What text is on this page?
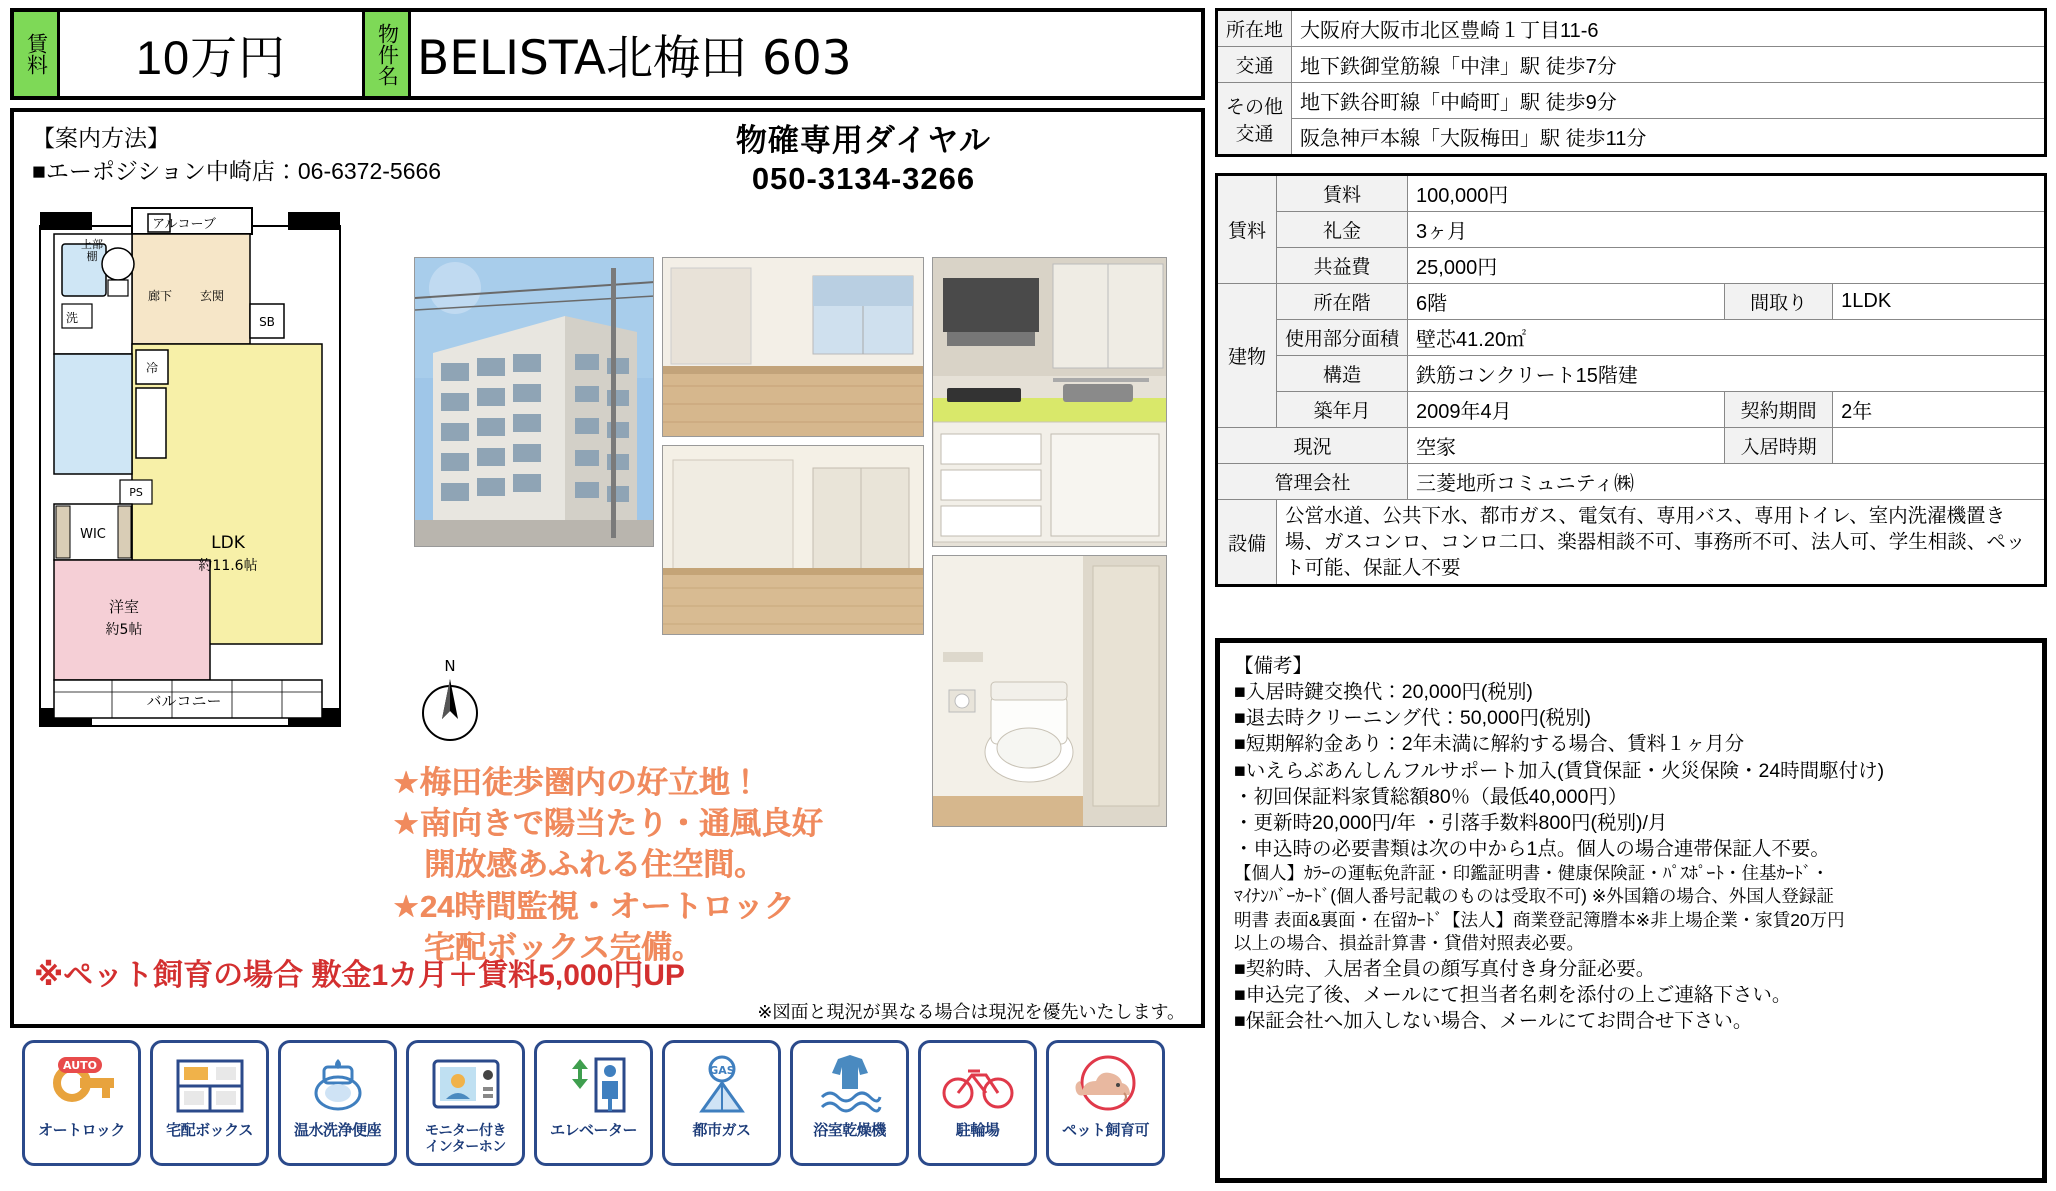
賃料	10万円	物件名 BELISTA北梅田 603
【案内方法】
■エーポジション中崎店：06-6372-5666
物確専用ダイヤル
050-3134-3266
アルコーブ
上部
棚
洗
廊下 玄関
SB
冷
PS
WIC	LDK
約11.6帖
洋室
約5帖
バルコニー
N
★梅田徒歩圏内の好立地！
★南向きで陽当たり・通風良好
開放感あふれる住空間。
★24時間監視・オートロック
宅配ボックス完備。
※ペット飼育の場合 敷金1カ月＋賃料5,000円UP
※図面と現況が異なる場合は現況を優先いたします。
AUTO
オートロック	宅配ボックス	温水洗浄便座	モニター付き
インターホン
エレベーター
GAS
都市ガス	浴室乾燥機	駐輪場	ペット飼育可
所在地	大阪府大阪市北区豊崎１丁目11-6
交通	地下鉄御堂筋線「中津」駅 徒歩7分

その他
交通	地下鉄谷町線「中崎町」駅 徒歩9分
	阪急神戸本線「大阪梅田」駅 徒歩11分
賃料	賃料	100,000円		
	礼金	3ヶ月		
	共益費	25,000円		
建物	所在階	6階	間取り	1LDK
	使用部分面積	壁芯41.20㎡		
	構造	鉄筋コンクリート15階建		
	築年月	2009年4月	契約期間	2年
現況		空家	入居時期	
管理会社		三菱地所コミュニティ㈱		
設備	公営水道、公共下水、都市ガス、電気有、専用バス、専用トイレ、室内洗濯機置き場、ガスコンロ、コンロ二口、楽器相談不可、事務所不可、法人可、学生相談、ペット可能、保証人不要			
【備考】
■入居時鍵交換代：20,000円(税別)
■退去時クリーニング代：50,000円(税別)
■短期解約金あり：2年未満に解約する場合、賃料１ヶ月分
■いえらぶあんしんフルサポート加入(賃貸保証・火災保険・24時間駆付け)
・初回保証料家賃総額80％（最低40,000円）
・更新時20,000円/年 ・引落手数料800円(税別)/月
・申込時の必要書類は次の中から1点。個人の場合連帯保証人不要。
【個人】ｶﾗｰの運転免許証・印鑑証明書・健康保険証・ﾊﾟｽﾎﾟｰﾄ・住基ｶｰﾄﾞ・
ﾏｲﾅﾝﾊﾞｰｶｰﾄﾞ(個人番号記載のものは受取不可) ※外国籍の場合、外国人登録証
明書 表面&裏面・在留ｶｰﾄﾞ【法人】商業登記簿謄本※非上場企業・家賃20万円
以上の場合、損益計算書・貸借対照表必要。
■契約時、入居者全員の顔写真付き身分証必要。
■申込完了後、メールにて担当者名刺を添付の上ご連絡下さい。
■保証会社へ加入しない場合、メールにてお問合せ下さい。
